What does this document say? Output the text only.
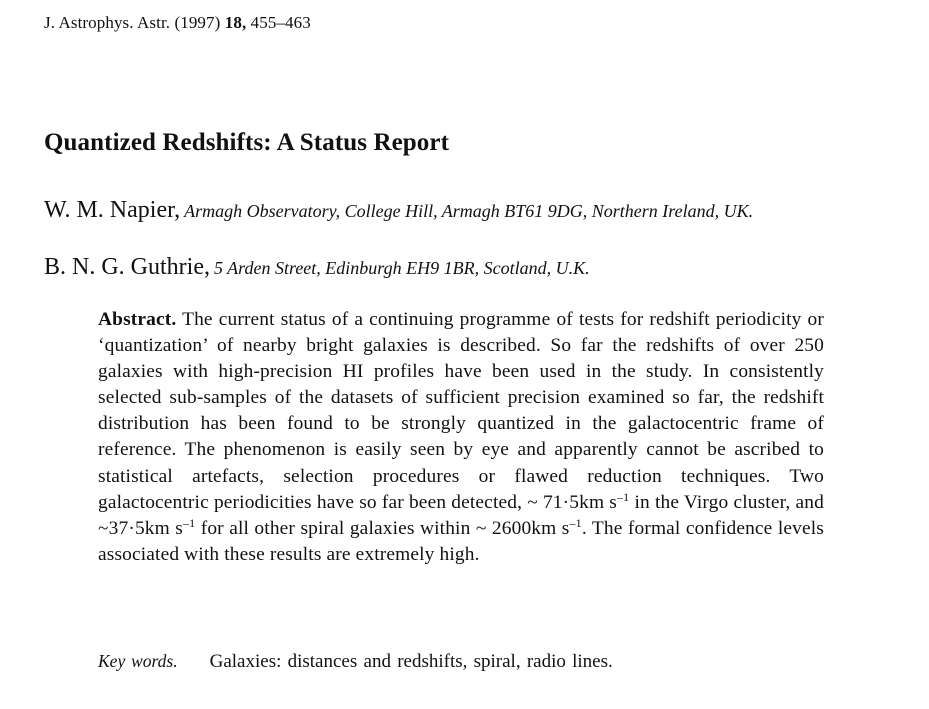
J. Astrophys. Astr. (1997) 18, 455–463
Quantized Redshifts: A Status Report
W. M. Napier, Armagh Observatory, College Hill, Armagh BT61 9DG, Northern Ireland, UK.
B. N. G. Guthrie, 5 Arden Street, Edinburgh EH9 1BR, Scotland, U.K.
Abstract. The current status of a continuing programme of tests for redshift periodicity or ‘quantization’ of nearby bright galaxies is described. So far the redshifts of over 250 galaxies with high-precision HI profiles have been used in the study. In consistently selected sub-samples of the datasets of sufficient precision examined so far, the redshift distribution has been found to be strongly quantized in the galactocentric frame of reference. The phenomenon is easily seen by eye and apparently cannot be ascribed to statistical artefacts, selection procedures or flawed reduction techniques. Two galactocentric periodicities have so far been detected, ~ 71·5km $s^{-1}$ in the Virgo cluster, and ~37·5km $s^{-1}$ for all other spiral galaxies within ~ 2600km $s^{-1}$. The formal confidence levels associated with these results are extremely high.
Key words. Galaxies: distances and redshifts, spiral, radio lines.
